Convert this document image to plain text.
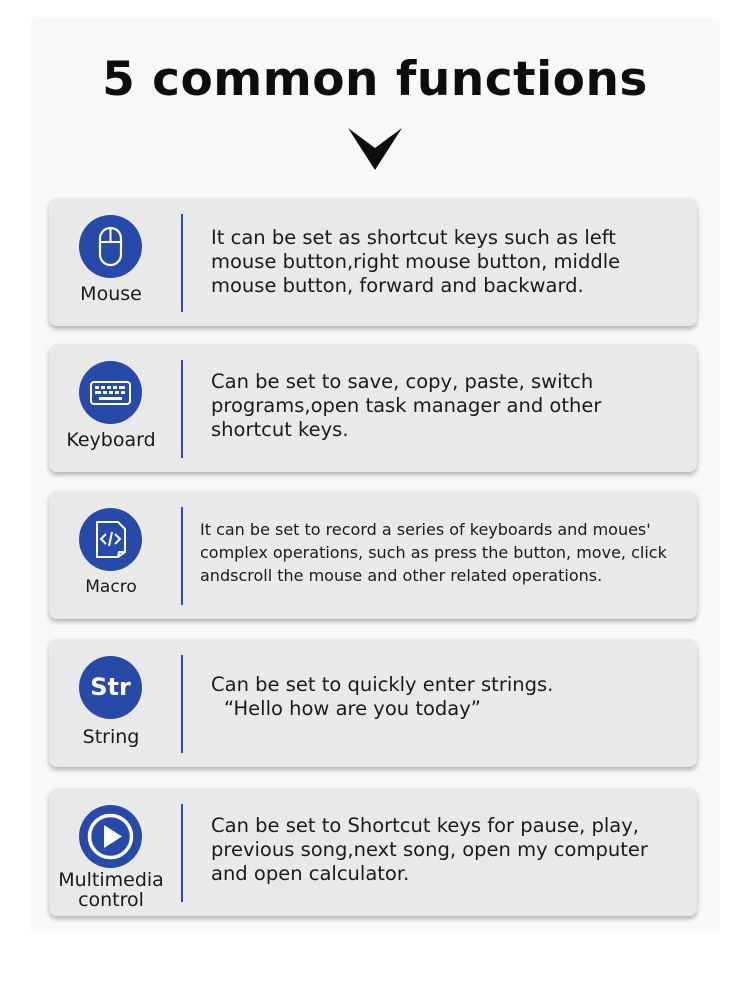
5 common functions
Mouse
It can be set as shortcut keys such as left
mouse button,right mouse button, middle
mouse button, forward and backward.
Keyboard
Can be set to save, copy, paste, switch
programs,open task manager and other
shortcut keys.
Macro
It can be set to record a series of keyboards and moues'
complex operations, such as press the button, move, click
andscroll the mouse and other related operations.
Str
String
Can be set to quickly enter strings.
“Hello how are you today”
Multimedia
control
Can be set to Shortcut keys for pause, play,
previous song,next song, open my computer
and open calculator.
